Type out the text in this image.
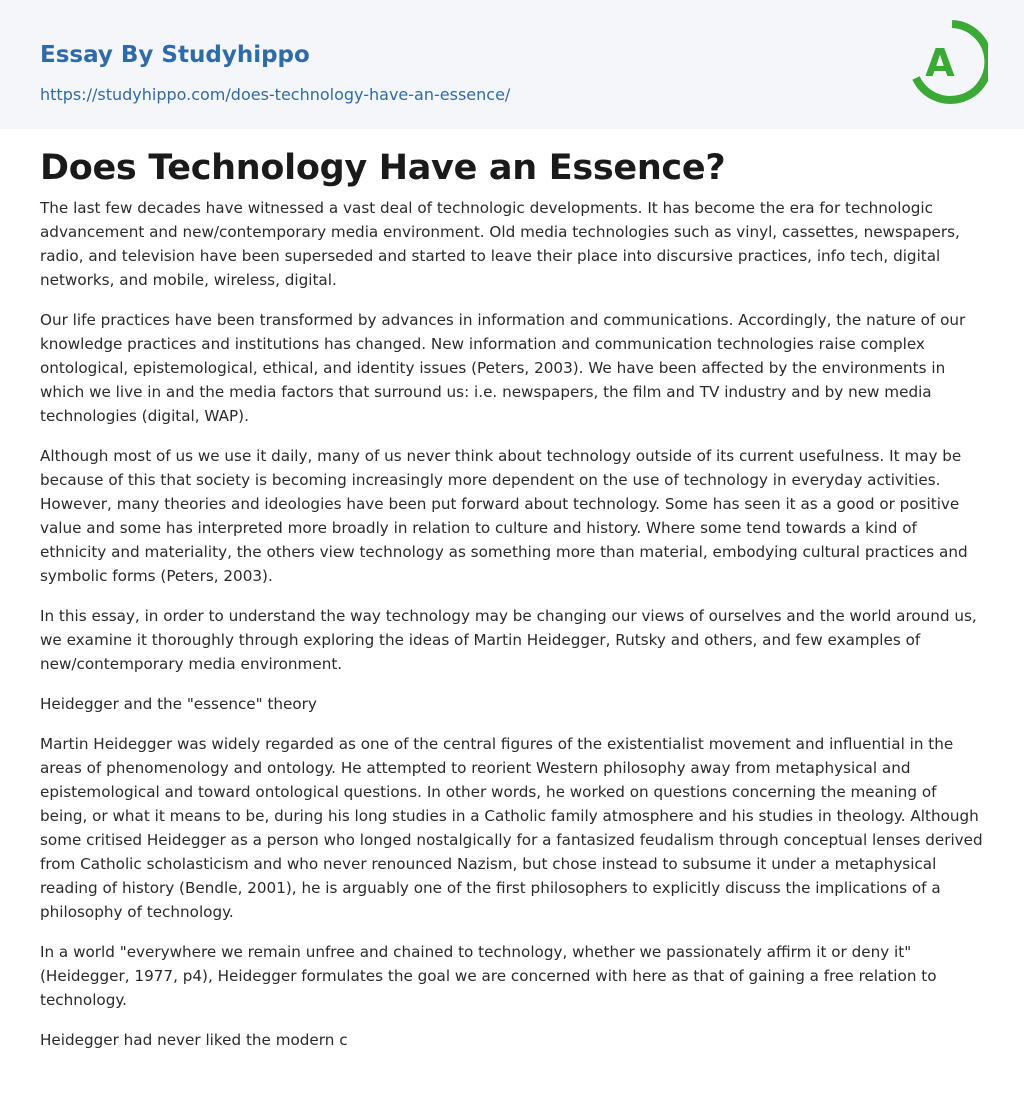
Essay By Studyhippo
https://studyhippo.com/does-technology-have-an-essence/
A
Does Technology Have an Essence?

The last few decades have witnessed a vast deal of technologic developments. It has become the era for technologic advancement and new/contemporary media environment. Old media technologies such as vinyl, cassettes, newspapers, radio, and television have been superseded and started to leave their place into discursive practices, info tech, digital networks, and mobile, wireless, digital.

Our life practices have been transformed by advances in information and communications. Accordingly, the nature of our knowledge practices and institutions has changed. New information and communication technologies raise complex ontological, epistemological, ethical, and identity issues (Peters, 2003). We have been affected by the environments in which we live in and the media factors that surround us: i.e. newspapers, the film and TV industry and by new media technologies (digital, WAP).

Although most of us we use it daily, many of us never think about technology outside of its current usefulness. It may be because of this that society is becoming increasingly more dependent on the use of technology in everyday activities. However, many theories and ideologies have been put forward about technology. Some has seen it as a good or positive value and some has interpreted more broadly in relation to culture and history. Where some tend towards a kind of ethnicity and materiality, the others view technology as something more than material, embodying cultural practices and symbolic forms (Peters, 2003).

In this essay, in order to understand the way technology may be changing our views of ourselves and the world around us, we examine it thoroughly through exploring the ideas of Martin Heidegger, Rutsky and others, and few examples of new/contemporary media environment.

Heidegger and the "essence" theory

Martin Heidegger was widely regarded as one of the central figures of the existentialist movement and influential in the areas of phenomenology and ontology. He attempted to reorient Western philosophy away from metaphysical and epistemological and toward ontological questions. In other words, he worked on questions concerning the meaning of being, or what it means to be, during his long studies in a Catholic family atmosphere and his studies in theology. Although some critised Heidegger as a person who longed nostalgically for a fantasized feudalism through conceptual lenses derived from Catholic scholasticism and who never renounced Nazism, but chose instead to subsume it under a metaphysical reading of history (Bendle, 2001), he is arguably one of the first philosophers to explicitly discuss the implications of a philosophy of technology.

In a world "everywhere we remain unfree and chained to technology, whether we passionately affirm it or deny it" (Heidegger, 1977, p4), Heidegger formulates the goal we are concerned with here as that of gaining a free relation to technology.

Heidegger had never liked the modern c
